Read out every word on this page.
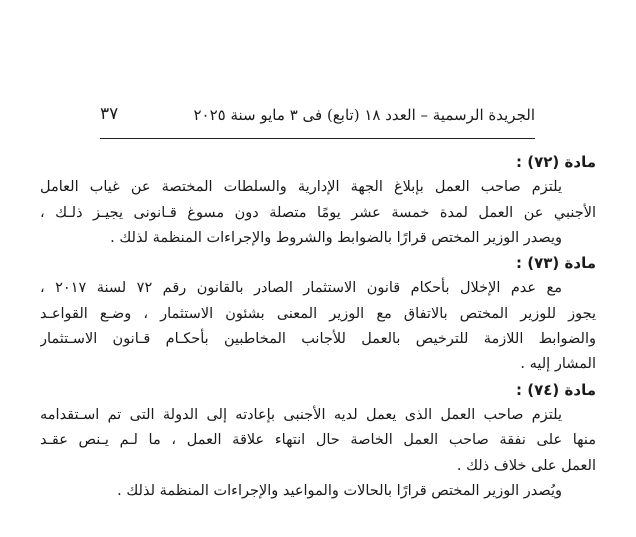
الجريدة الرسمية – العدد ١٨ (تابع) فى ٣ مايو سنة ٢٠٢٥
٣٧
مادة (٧٢) :
يلتزم صاحب العمل بإبلاغ الجهة الإدارية والسلطات المختصة عن غياب العامل
الأجنبي عن العمل لمدة خمسة عشر يومًا متصلة دون مسوغ قـانونى يجيـز ذلـك ،
ويصدر الوزير المختص قرارًا بالضوابط والشروط والإجراءات المنظمة لذلك .
مادة (٧٣) :
مع عدم الإخلال بأحكام قانون الاستثمار الصادر بالقانون رقم ٧٢ لسنة ٢٠١٧ ،
يجوز للوزير المختص بالاتفاق مع الوزير المعنى بشئون الاستثمار ، وضـع القواعـد
والضوابط اللازمة للترخيص بالعمل للأجانب المخاطبين بأحكـام قـانون الاسـتثمار
المشار إليه .
مادة (٧٤) :
يلتزم صاحب العمل الذى يعمل لديه الأجنبى بإعادته إلى الدولة التى تم اسـتقدامه
منها على نفقة صاحب العمل الخاصة حال انتهاء علاقة العمل ، ما لـم يـنص عقـد
العمل على خلاف ذلك .
ويُصدر الوزير المختص قرارًا بالحالات والمواعيد والإجراءات المنظمة لذلك .
